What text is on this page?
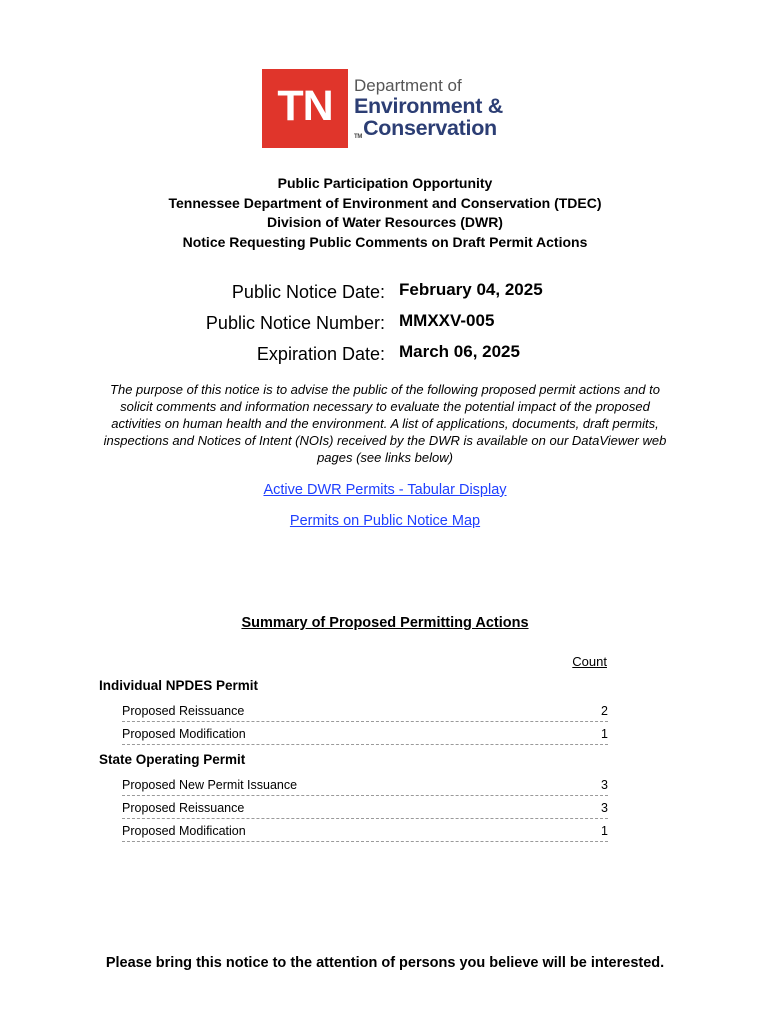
TN Department of
Environment &
TMConservation
Public Participation Opportunity
Tennessee Department of Environment and Conservation (TDEC)
Division of Water Resources (DWR)
Notice Requesting Public Comments on Draft Permit Actions
Public Notice Date: February 04, 2025
Public Notice Number: MMXXV-005
Expiration Date: March 06, 2025
The purpose of this notice is to advise the public of the following proposed permit actions and to solicit comments and information necessary to evaluate the potential impact of the proposed activities on human health and the environment. A list of applications, documents, draft permits, inspections and Notices of Intent (NOIs) received by the DWR is available on our DataViewer web pages (see links below)
Active DWR Permits - Tabular Display
Permits on Public Notice Map
Summary of Proposed Permitting Actions
Count
Individual NPDES Permit
Proposed Reissuance	2
Proposed Modification	1
State Operating Permit
Proposed New Permit Issuance	3
Proposed Reissuance	3
Proposed Modification	1
Please bring this notice to the attention of persons you believe will be interested.
